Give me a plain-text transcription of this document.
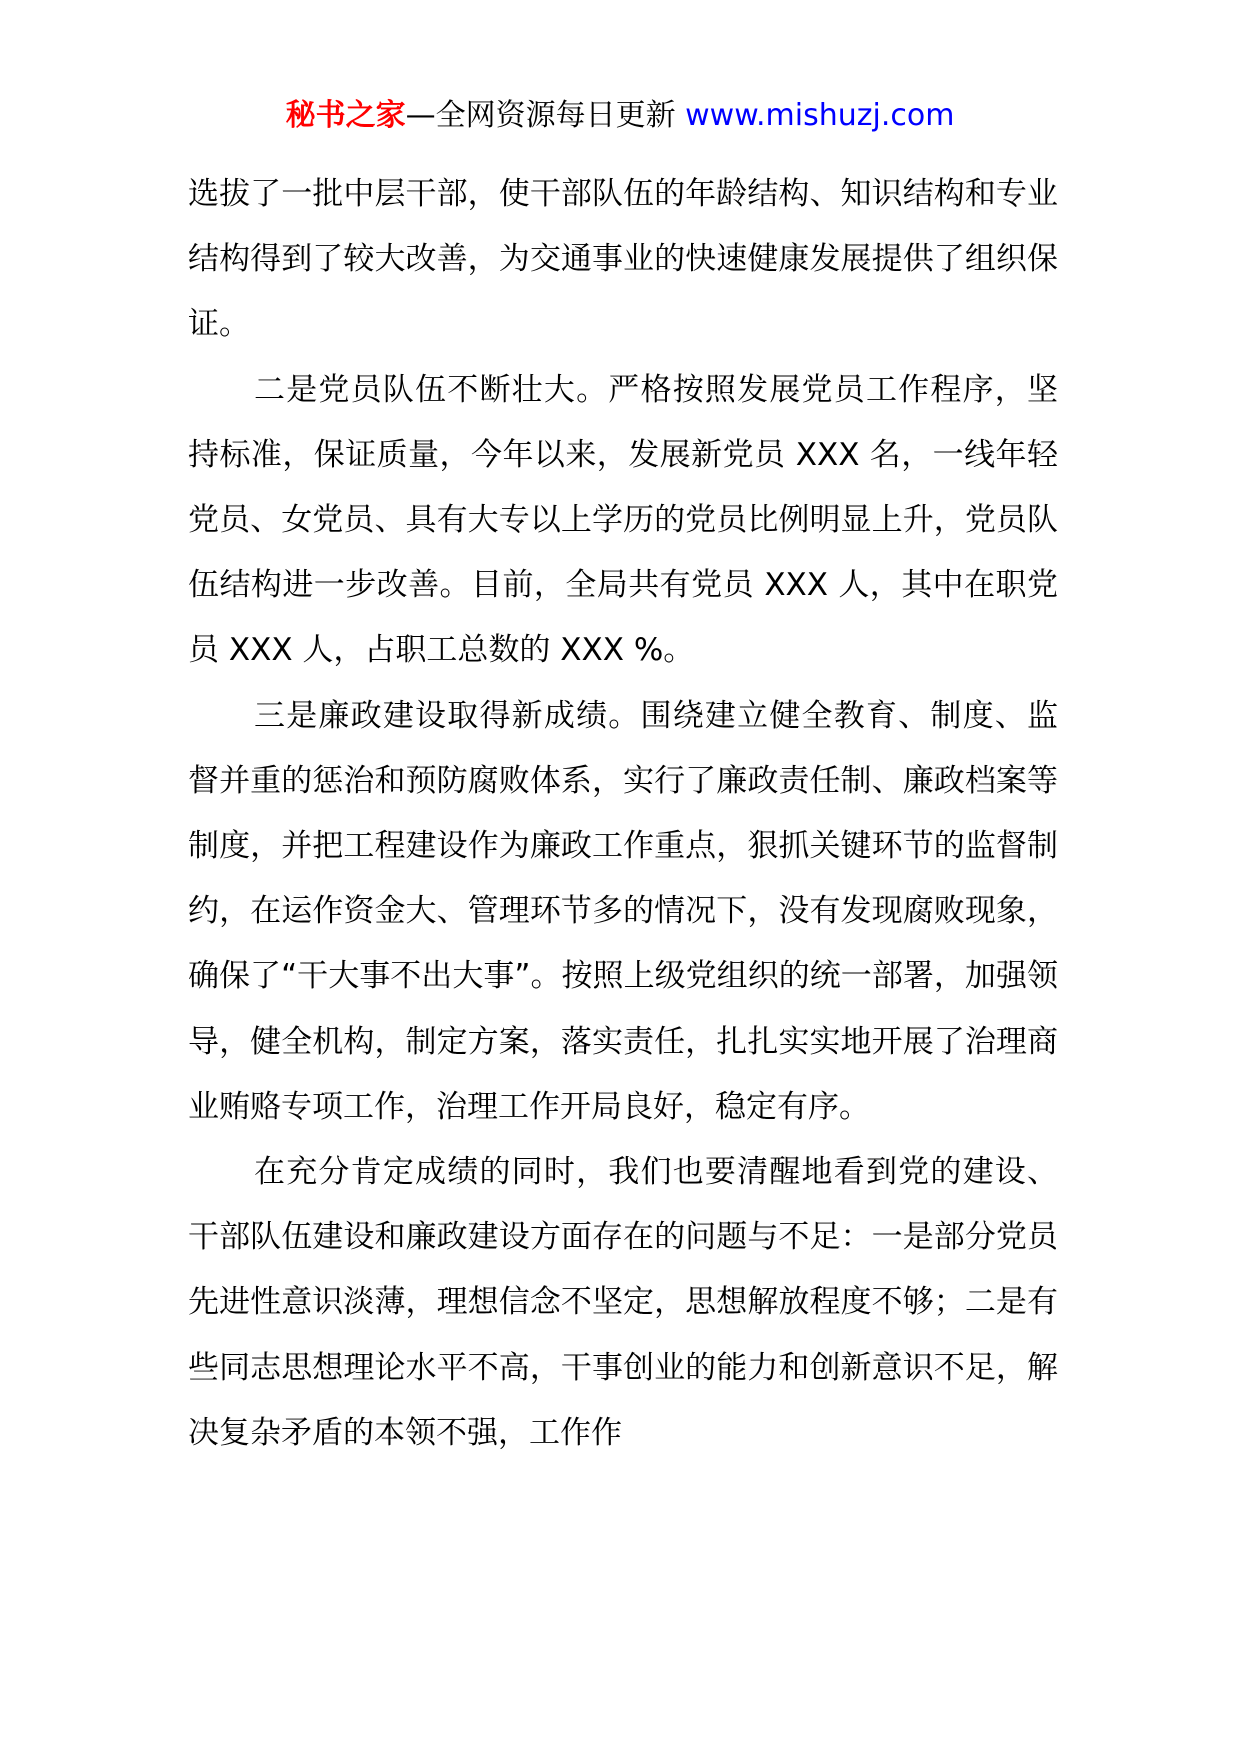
秘书之家—全网资源每日更新 www.mishuzj.com

选拔了一批中层干部，使干部队伍的年龄结构、知识结构和专业结构得到了较大改善，为交通事业的快速健康发展提供了组织保证。

二是党员队伍不断壮大。严格按照发展党员工作程序，坚持标准，保证质量，今年以来，发展新党员 XXX 名，一线年轻党员、女党员、具有大专以上学历的党员比例明显上升，党员队伍结构进一步改善。目前，全局共有党员 XXX 人，其中在职党员 XXX 人，占职工总数的 XXX %。

三是廉政建设取得新成绩。围绕建立健全教育、制度、监督并重的惩治和预防腐败体系，实行了廉政责任制、廉政档案等制度，并把工程建设作为廉政工作重点，狠抓关键环节的监督制约，在运作资金大、管理环节多的情况下，没有发现腐败现象，确保了“干大事不出大事”。按照上级党组织的统一部署，加强领导，健全机构，制定方案，落实责任，扎扎实实地开展了治理商业贿赂专项工作，治理工作开局良好，稳定有序。

在充分肯定成绩的同时，我们也要清醒地看到党的建设、干部队伍建设和廉政建设方面存在的问题与不足：一是部分党员先进性意识淡薄，理想信念不坚定，思想解放程度不够；二是有些同志思想理论水平不高，干事创业的能力和创新意识不足，解决复杂矛盾的本领不强，工作作
